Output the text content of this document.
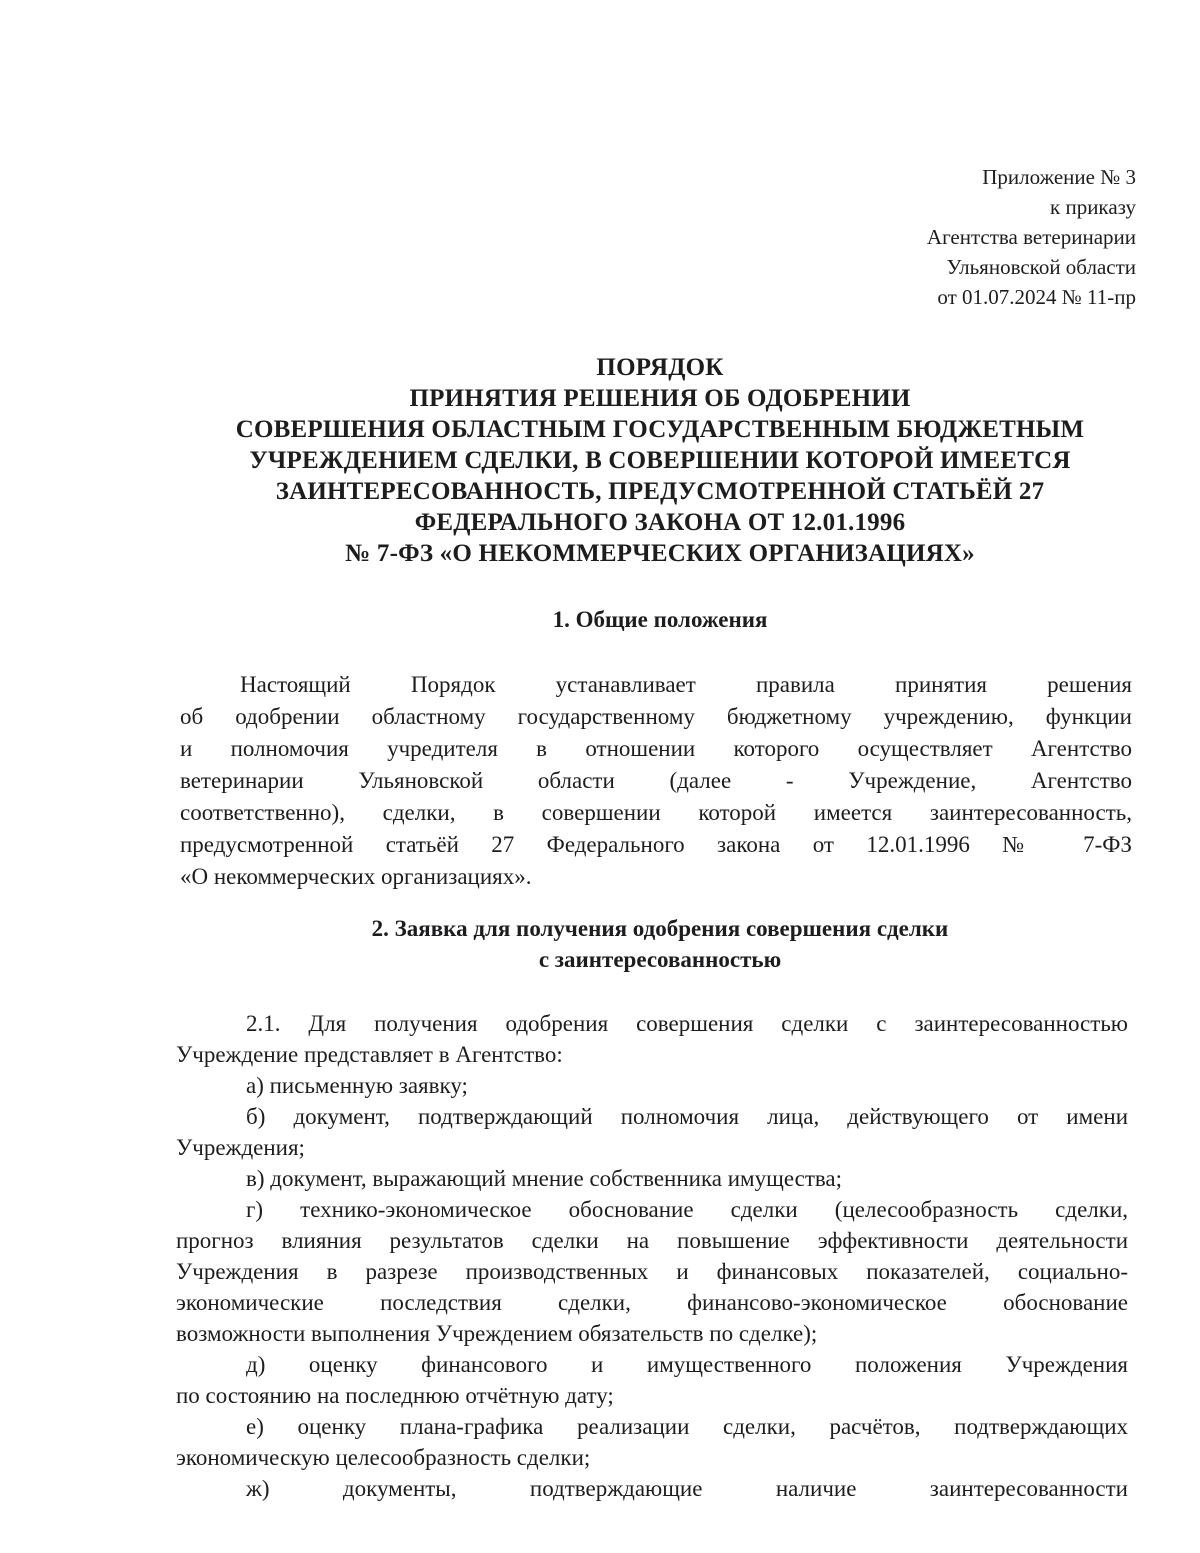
Приложение № 3
к приказу
Агентства ветеринарии
Ульяновской области
от 01.07.2024 № 11-пр
ПОРЯДОК
ПРИНЯТИЯ РЕШЕНИЯ ОБ ОДОБРЕНИИ
СОВЕРШЕНИЯ ОБЛАСТНЫМ ГОСУДАРСТВЕННЫМ БЮДЖЕТНЫМ
УЧРЕЖДЕНИЕМ СДЕЛКИ, В СОВЕРШЕНИИ КОТОРОЙ ИМЕЕТСЯ
ЗАИНТЕРЕСОВАННОСТЬ, ПРЕДУСМОТРЕННОЙ СТАТЬЁЙ 27
ФЕДЕРАЛЬНОГО ЗАКОНА ОТ 12.01.1996
№ 7-ФЗ «О НЕКОММЕРЧЕСКИХ ОРГАНИЗАЦИЯХ»
1. Общие положения
Настоящий Порядок устанавливает правила принятия решения
об одобрении областному государственному бюджетному учреждению, функции
и полномочия учредителя в отношении которого осуществляет Агентство
ветеринарии Ульяновской области (далее - Учреждение, Агентство
соответственно), сделки, в совершении которой имеется заинтересованность,
предусмотренной статьёй 27 Федерального закона от 12.01.1996 № 7-ФЗ
«О некоммерческих организациях».
2. Заявка для получения одобрения совершения сделки
с заинтересованностью
2.1. Для получения одобрения совершения сделки с заинтересованностью
Учреждение представляет в Агентство:
а) письменную заявку;
б) документ, подтверждающий полномочия лица, действующего от имени
Учреждения;
в) документ, выражающий мнение собственника имущества;
г) технико-экономическое обоснование сделки (целесообразность сделки,
прогноз влияния результатов сделки на повышение эффективности деятельности
Учреждения в разрезе производственных и финансовых показателей, социально-
экономические последствия сделки, финансово-экономическое обоснование
возможности выполнения Учреждением обязательств по сделке);
д) оценку финансового и имущественного положения Учреждения
по состоянию на последнюю отчётную дату;
е) оценку плана-графика реализации сделки, расчётов, подтверждающих
экономическую целесообразность сделки;
ж) документы, подтверждающие наличие заинтересованности
